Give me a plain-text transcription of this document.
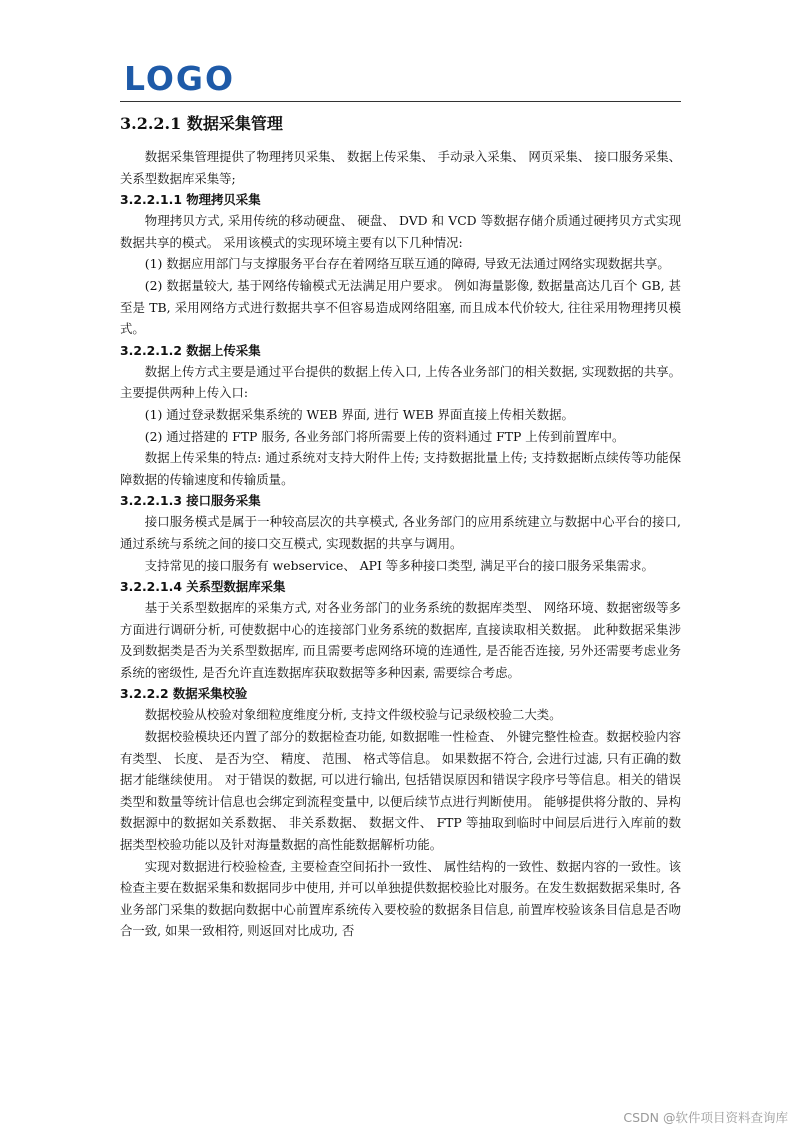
LOGO
3.2.2.1 数据采集管理

数据采集管理提供了物理拷贝采集、 数据上传采集、 手动录入采集、 网页采集、 接口服务采集、 关系型数据库采集等;

3.2.2.1.1 物理拷贝采集

物理拷贝方式, 采用传统的移动硬盘、 硬盘、 DVD 和 VCD 等数据存储介质通过硬拷贝方式实现数据共享的模式。 采用该模式的实现环境主要有以下几种情况:

(1) 数据应用部门与支撑服务平台存在着网络互联互通的障碍, 导致无法通过网络实现数据共享。

(2) 数据量较大, 基于网络传输模式无法满足用户要求。 例如海量影像, 数据量高达几百个 GB, 甚至是 TB, 采用网络方式进行数据共享不但容易造成网络阻塞, 而且成本代价较大, 往往采用物理拷贝模式。

3.2.2.1.2 数据上传采集

数据上传方式主要是通过平台提供的数据上传入口, 上传各业务部门的相关数据, 实现数据的共享。 主要提供两种上传入口:

(1) 通过登录数据采集系统的 WEB 界面, 进行 WEB 界面直接上传相关数据。

(2) 通过搭建的 FTP 服务, 各业务部门将所需要上传的资料通过 FTP 上传到前置库中。

数据上传采集的特点: 通过系统对支持大附件上传; 支持数据批量上传; 支持数据断点续传等功能保障数据的传输速度和传输质量。

3.2.2.1.3 接口服务采集

接口服务模式是属于一种较高层次的共享模式, 各业务部门的应用系统建立与数据中心平台的接口, 通过系统与系统之间的接口交互模式, 实现数据的共享与调用。

支持常见的接口服务有 webservice、 API 等多种接口类型, 满足平台的接口服务采集需求。

3.2.2.1.4 关系型数据库采集

基于关系型数据库的采集方式, 对各业务部门的业务系统的数据库类型、 网络环境、数据密级等多方面进行调研分析, 可使数据中心的连接部门业务系统的数据库, 直接读取相关数据。 此种数据采集涉及到数据类是否为关系型数据库, 而且需要考虑网络环境的连通性, 是否能否连接, 另外还需要考虑业务系统的密级性, 是否允许直连数据库获取数据等多种因素, 需要综合考虑。

3.2.2.2 数据采集校验

数据校验从校验对象细粒度维度分析, 支持文件级校验与记录级校验二大类。

数据校验模块还内置了部分的数据检查功能, 如数据唯一性检查、 外键完整性检查。数据校验内容有类型、 长度、 是否为空、 精度、 范围、 格式等信息。 如果数据不符合, 会进行过滤, 只有正确的数据才能继续使用。 对于错误的数据, 可以进行输出, 包括错误原因和错误字段序号等信息。相关的错误类型和数量等统计信息也会绑定到流程变量中, 以便后续节点进行判断使用。 能够提供将分散的、异构数据源中的数据如关系数据、 非关系数据、 数据文件、 FTP 等抽取到临时中间层后进行入库前的数据类型校验功能以及针对海量数据的高性能数据解析功能。

实现对数据进行校验检查, 主要检查空间拓扑一致性、 属性结构的一致性、数据内容的一致性。该检查主要在数据采集和数据同步中使用, 并可以单独提供数据校验比对服务。在发生数据数据采集时, 各业务部门采集的数据向数据中心前置库系统传入要校验的数据条目信息, 前置库校验该条目信息是否吻合一致, 如果一致相符, 则返回对比成功, 否

CSDN @软件项目资料查询库
